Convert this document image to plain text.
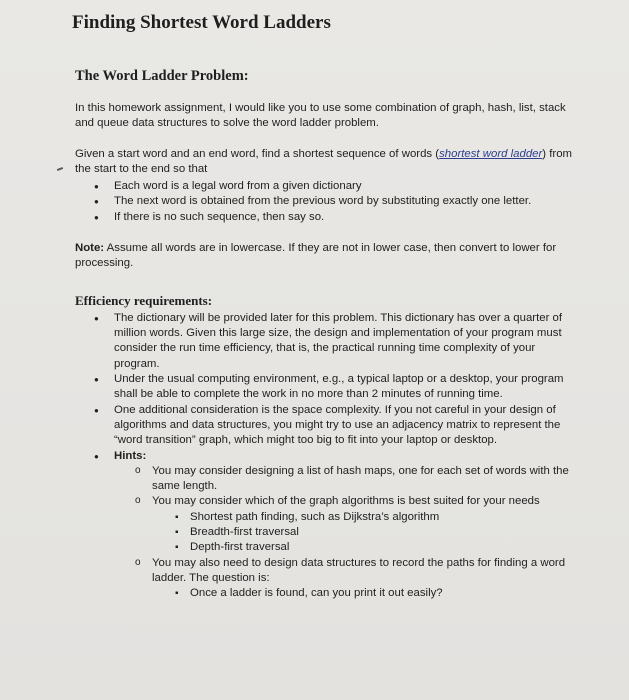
Finding Shortest Word Ladders
The Word Ladder Problem:

In this homework assignment, I would like you to use some combination of graph, hash, list, stack and queue data structures to solve the word ladder problem.

Given a start word and an end word, find a shortest sequence of words (shortest word ladder) from the start to the end so that

● Each word is a legal word from a given dictionary
● The next word is obtained from the previous word by substituting exactly one letter.
● If there is no such sequence, then say so.

Note: Assume all words are in lowercase. If they are not in lower case, then convert to lower for processing.

Efficiency requirements:
● The dictionary will be provided later for this problem. This dictionary has over a quarter of million words. Given this large size, the design and implementation of your program must consider the run time efficiency, that is, the practical running time complexity of your program.
● Under the usual computing environment, e.g., a typical laptop or a desktop, your program shall be able to complete the work in no more than 2 minutes of running time.
● One additional consideration is the space complexity. If you not careful in your design of algorithms and data structures, you might try to use an adjacency matrix to represent the “word transition” graph, which might too big to fit into your laptop or desktop.
● Hints:
o You may consider designing a list of hash maps, one for each set of words with the same length.
o You may consider which of the graph algorithms is best suited for your needs
▪ Shortest path finding, such as Dijkstra’s algorithm
▪ Breadth-first traversal
▪ Depth-first traversal
o You may also need to design data structures to record the paths for finding a word ladder. The question is:
▪ Once a ladder is found, can you print it out easily?
